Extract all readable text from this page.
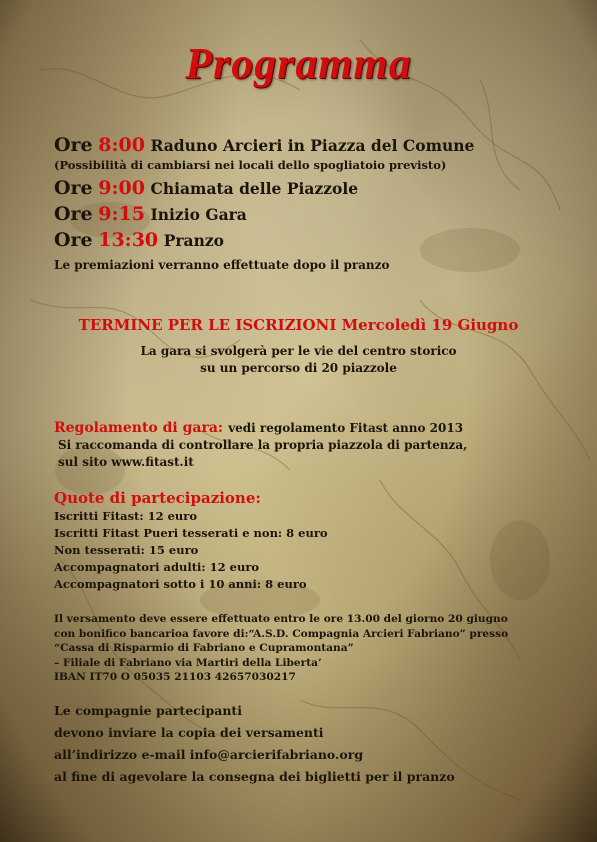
Programma
Ore 8:00 Raduno Arcieri in Piazza del Comune
(Possibilità di cambiarsi nei locali dello spogliatoio previsto)
Ore 9:00 Chiamata delle Piazzole
Ore 9:15 Inizio Gara
Ore 13:30 Pranzo
Le premiazioni verranno effettuate dopo il pranzo
TERMINE PER LE ISCRIZIONI Mercoledì 19 Giugno
La gara si svolgerà per le vie del centro storico
su un percorso di 20 piazzole
Regolamento di gara: vedi regolamento Fitast anno 2013
Si raccomanda di controllare la propria piazzola di partenza,
sul sito www.fitast.it
Quote di partecipazione:
Iscritti Fitast: 12 euro
Iscritti Fitast Pueri tesserati e non: 8 euro
Non tesserati: 15 euro
Accompagnatori adulti: 12 euro
Accompagnatori sotto i 10 anni: 8 euro
Il versamento deve essere effettuato entro le ore 13.00 del giorno 20 giugno
con bonifico bancarioa favore di:“A.S.D. Compagnia Arcieri Fabriano” presso
“Cassa di Risparmio di Fabriano e Cupramontana”
– Filiale di Fabriano via Martiri della Liberta’
IBAN IT70 O 05035 21103 42657030217
Le compagnie partecipanti
devono inviare la copia dei versamenti
all’indirizzo e-mail info@arcierifabriano.org
al fine di agevolare la consegna dei biglietti per il pranzo
